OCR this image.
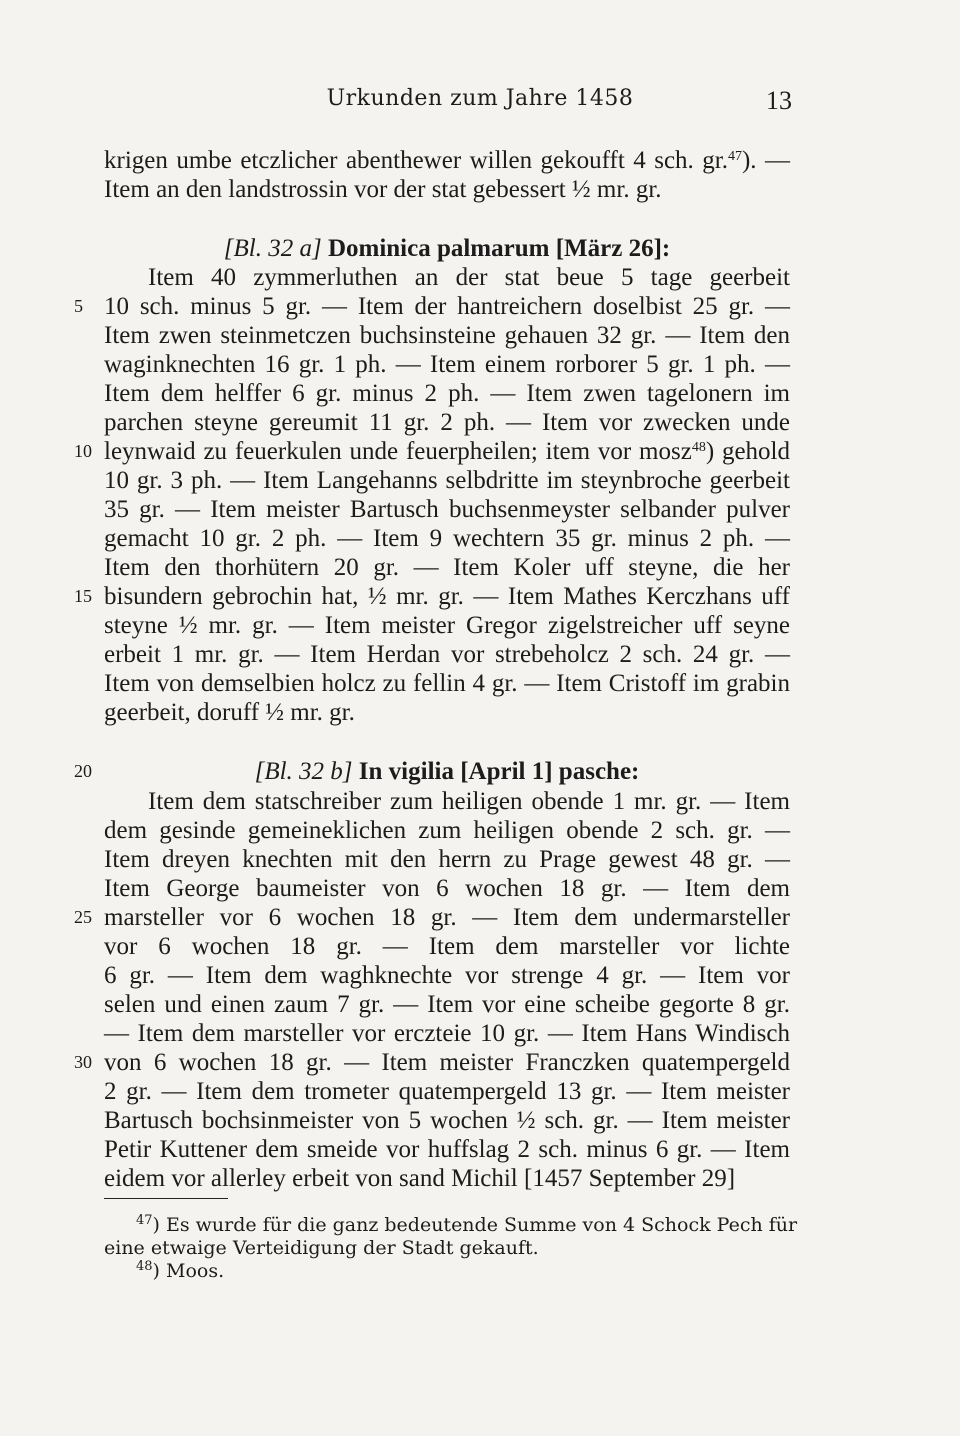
Urkunden zum Jahre 1458	13
krigen umbe etczlicher abenthewer willen gekoufft 4 sch. gr.$^{47}$). —
Item an den landstrossin vor der stat gebessert ½ mr. gr.
[Bl. 32 a] Dominica palmarum [März 26]:
Item 40 zymmerluthen an der stat beue 5 tage geerbeit
5 10 sch. minus 5 gr. — Item der hantreichern doselbist 25 gr. —
Item zwen steinmetczen buchsinsteine gehauen 32 gr. — Item den
waginknechten 16 gr. 1 ph. — Item einem rorborer 5 gr. 1 ph. —
Item dem helffer 6 gr. minus 2 ph. — Item zwen tagelonern im
parchen steyne gereumit 11 gr. 2 ph. — Item vor zwecken unde
10 leynwaid zu feuerkulen unde feuerpheilen; item vor mosz$^{48}$) gehold
10 gr. 3 ph. — Item Langehanns selbdritte im steynbroche geerbeit
35 gr. — Item meister Bartusch buchsenmeyster selbander pulver
gemacht 10 gr. 2 ph. — Item 9 wechtern 35 gr. minus 2 ph. —
Item den thorhütern 20 gr. — Item Koler uff steyne, die her
15 bisundern gebrochin hat, ½ mr. gr. — Item Mathes Kerczhans uff
steyne ½ mr. gr. — Item meister Gregor zigelstreicher uff seyne
erbeit 1 mr. gr. — Item Herdan vor strebeholcz 2 sch. 24 gr. —
Item von demselbien holcz zu fellin 4 gr. — Item Cristoff im grabin
geerbeit, doruff ½ mr. gr.
20	[Bl. 32 b] In vigilia [April 1] pasche:
Item dem statschreiber zum heiligen obende 1 mr. gr. — Item
dem gesinde gemeineklichen zum heiligen obende 2 sch. gr. —
Item dreyen knechten mit den herrn zu Prage gewest 48 gr. —
Item George baumeister von 6 wochen 18 gr. — Item dem
25 marsteller vor 6 wochen 18 gr. — Item dem undermarsteller
vor 6 wochen 18 gr. — Item dem marsteller vor lichte
6 gr. — Item dem waghknechte vor strenge 4 gr. — Item vor
selen und einen zaum 7 gr. — Item vor eine scheibe gegorte 8 gr.
— Item dem marsteller vor erczteie 10 gr. — Item Hans Windisch
30 von 6 wochen 18 gr. — Item meister Franczken quatempergeld
2 gr. — Item dem trometer quatempergeld 13 gr. — Item meister
Bartusch bochsinmeister von 5 wochen ½ sch. gr. — Item meister
Petir Kuttener dem smeide vor huffslag 2 sch. minus 6 gr. — Item
eidem vor allerley erbeit von sand Michil [1457 September 29]
$^{47}$) Es wurde für die ganz bedeutende Summe von 4 Schock Pech für
eine etwaige Verteidigung der Stadt gekauft.
$^{48}$) Moos.
